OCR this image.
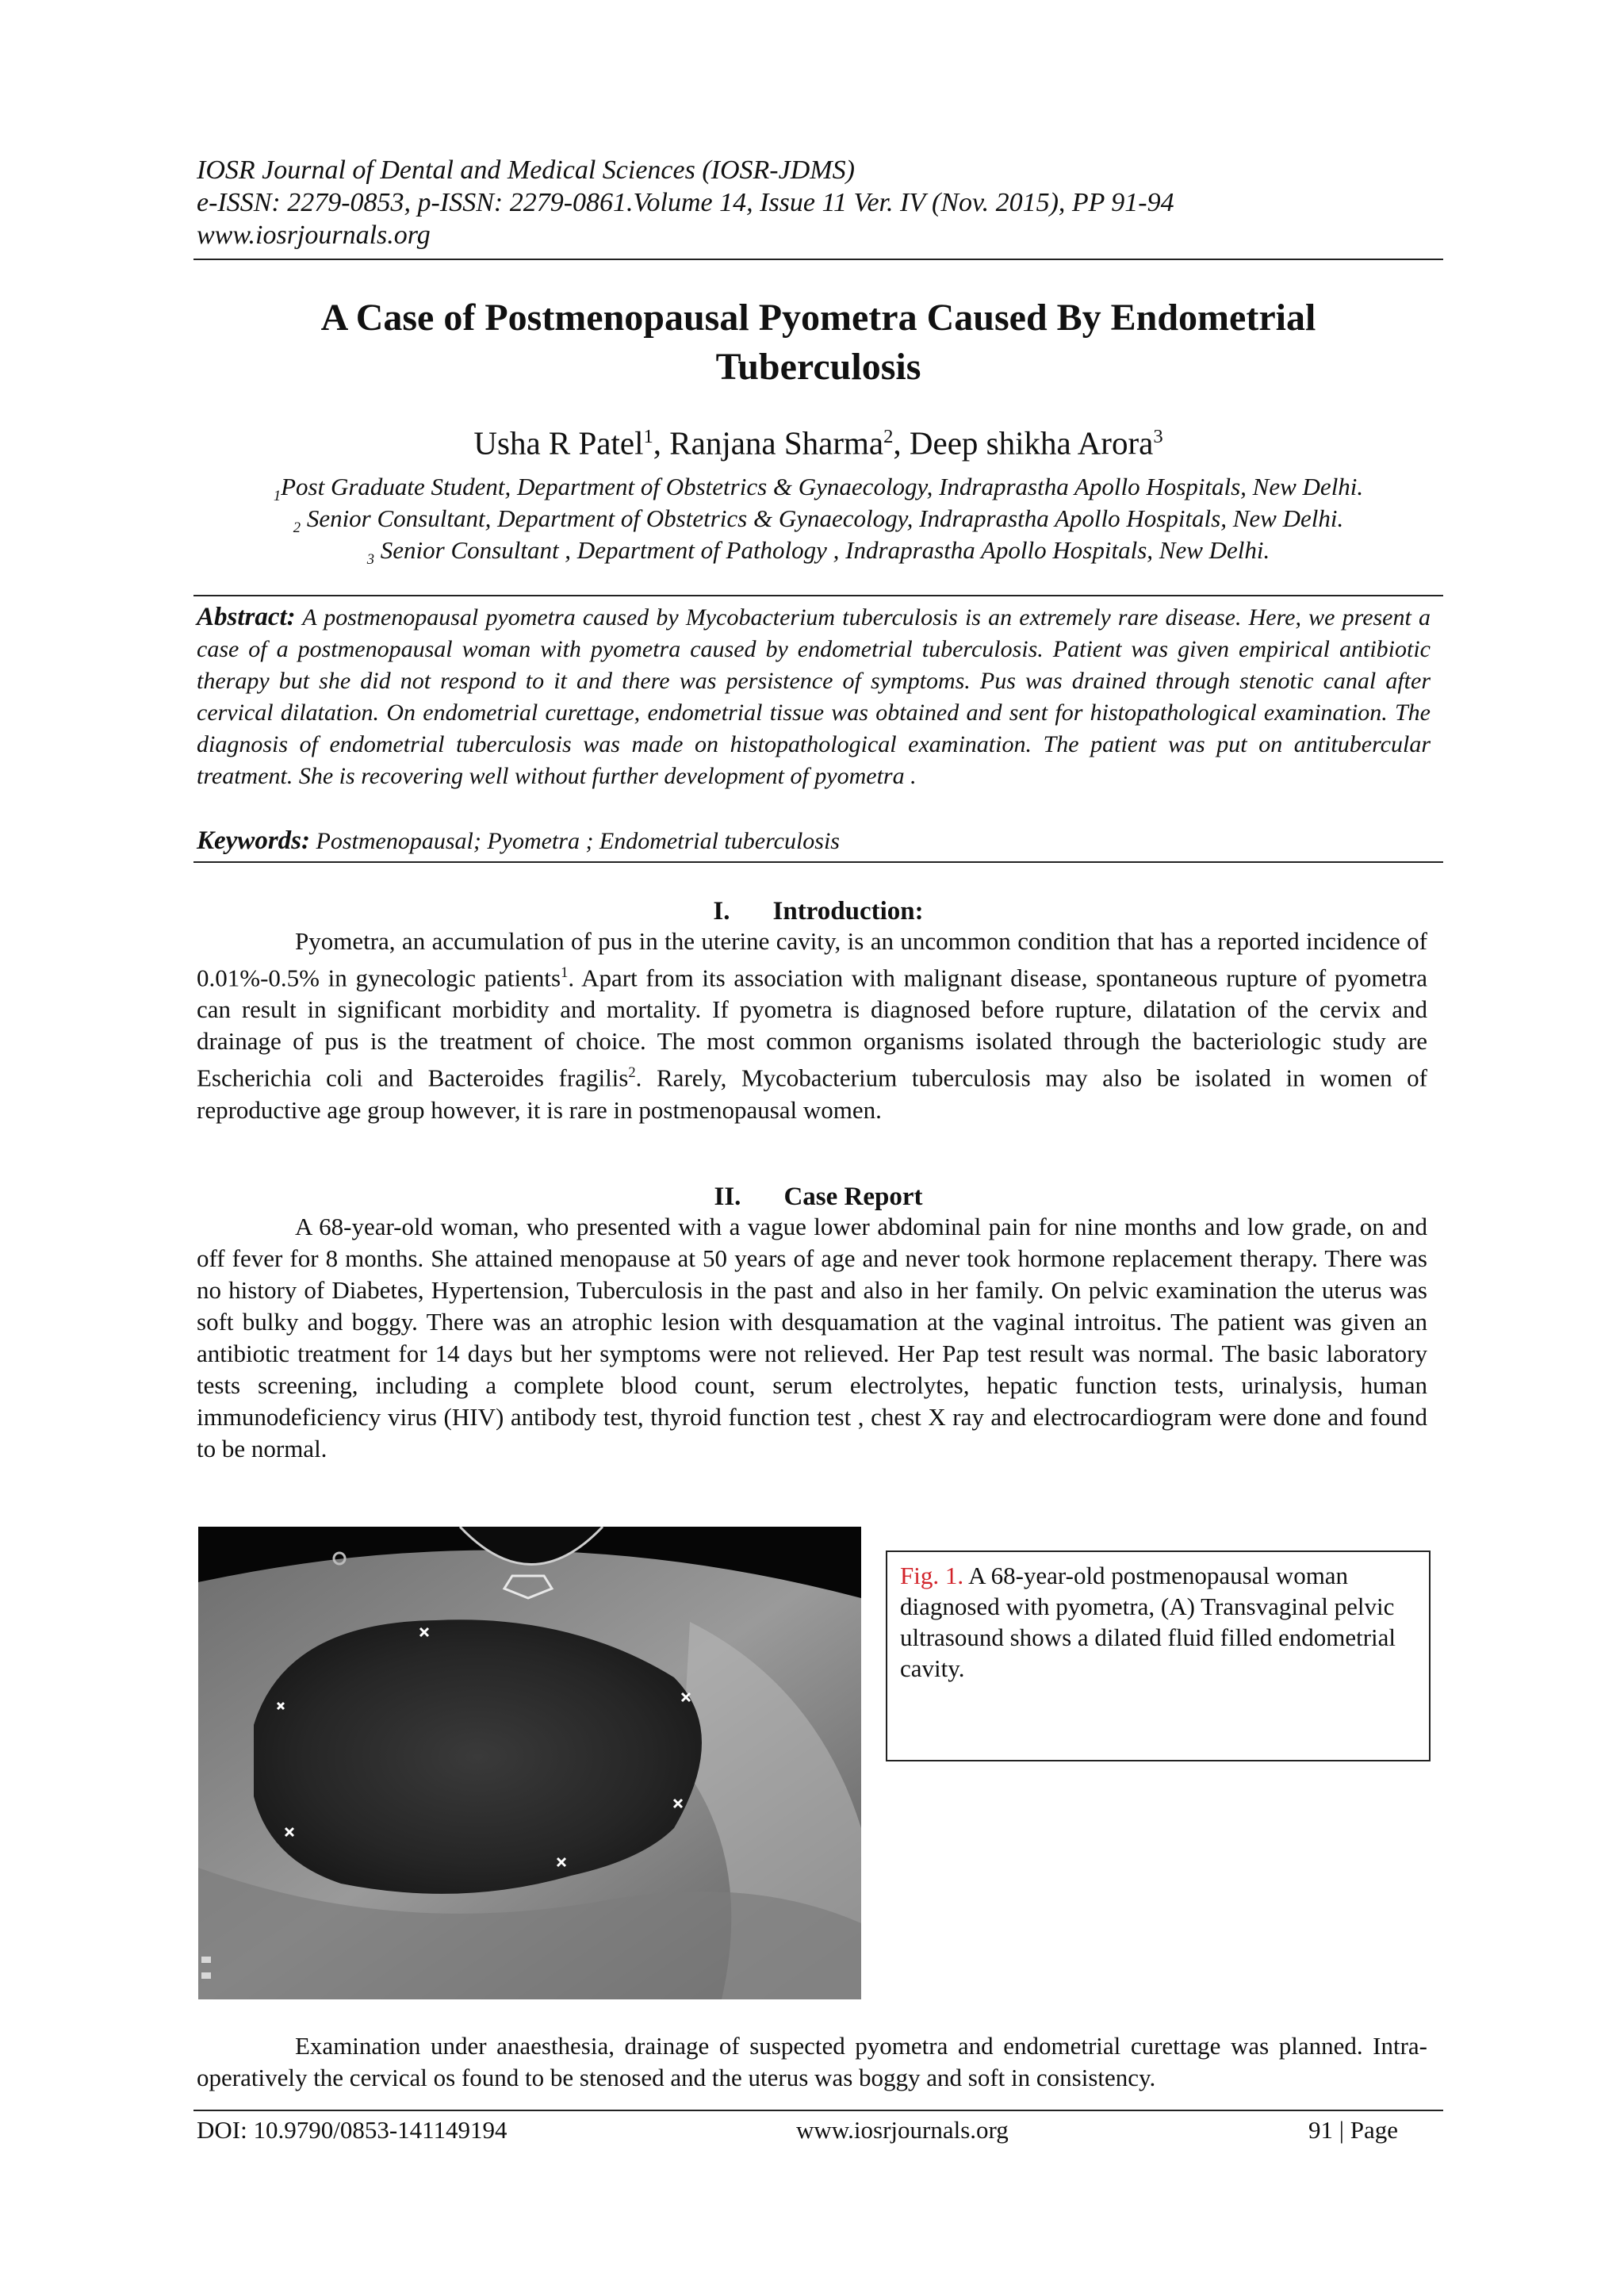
IOSR Journal of Dental and Medical Sciences (IOSR-JDMS)
e-ISSN: 2279-0853, p-ISSN: 2279-0861.Volume 14, Issue 11 Ver. IV (Nov. 2015), PP 91-94
www.iosrjournals.org
A Case of Postmenopausal Pyometra Caused By Endometrial
Tuberculosis
Usha R Patel$^1$, Ranjana Sharma$^2$, Deep shikha Arora$^3$
$_1$Post Graduate Student, Department of Obstetrics & Gynaecology, Indraprastha Apollo Hospitals, New Delhi.
$_2$ Senior Consultant, Department of Obstetrics & Gynaecology, Indraprastha Apollo Hospitals, New Delhi.
$_3$ Senior Consultant , Department of Pathology , Indraprastha Apollo Hospitals, New Delhi.
Abstract: A postmenopausal pyometra caused by Mycobacterium tuberculosis is an extremely rare disease. Here, we present a case of a postmenopausal woman with pyometra caused by endometrial tuberculosis. Patient was given empirical antibiotic therapy but she did not respond to it and there was persistence of symptoms. Pus was drained through stenotic canal after cervical dilatation. On endometrial curettage, endometrial tissue was obtained and sent for histopathological examination. The diagnosis of endometrial tuberculosis was made on histopathological examination. The patient was put on antitubercular treatment. She is recovering well without further development of pyometra .
Keywords: Postmenopausal; Pyometra ; Endometrial tuberculosis
I. Introduction:
Pyometra, an accumulation of pus in the uterine cavity, is an uncommon condition that has a reported incidence of 0.01%-0.5% in gynecologic patients$^1$. Apart from its association with malignant disease, spontaneous rupture of pyometra can result in significant morbidity and mortality. If pyometra is diagnosed before rupture, dilatation of the cervix and drainage of pus is the treatment of choice. The most common organisms isolated through the bacteriologic study are Escherichia coli and Bacteroides fragilis$^2$. Rarely, Mycobacterium tuberculosis may also be isolated in women of reproductive age group however, it is rare in postmenopausal women.
II. Case Report
A 68-year-old woman, who presented with a vague lower abdominal pain for nine months and low grade, on and off fever for 8 months. She attained menopause at 50 years of age and never took hormone replacement therapy. There was no history of Diabetes, Hypertension, Tuberculosis in the past and also in her family. On pelvic examination the uterus was soft bulky and boggy. There was an atrophic lesion with desquamation at the vaginal introitus. The patient was given an antibiotic treatment for 14 days but her symptoms were not relieved. Her Pap test result was normal. The basic laboratory tests screening, including a complete blood count, serum electrolytes, hepatic function tests, urinalysis, human immunodeficiency virus (HIV) antibody test, thyroid function test , chest X ray and electrocardiogram were done and found to be normal.
Fig. 1. A 68-year-old postmenopausal woman diagnosed with pyometra, (A) Transvaginal pelvic ultrasound shows a dilated fluid filled endometrial cavity.
Examination under anaesthesia, drainage of suspected pyometra and endometrial curettage was planned. Intra-operatively the cervical os found to be stenosed and the uterus was boggy and soft in consistency.
DOI: 10.9790/0853-141149194	www.iosrjournals.org	91 | Page
